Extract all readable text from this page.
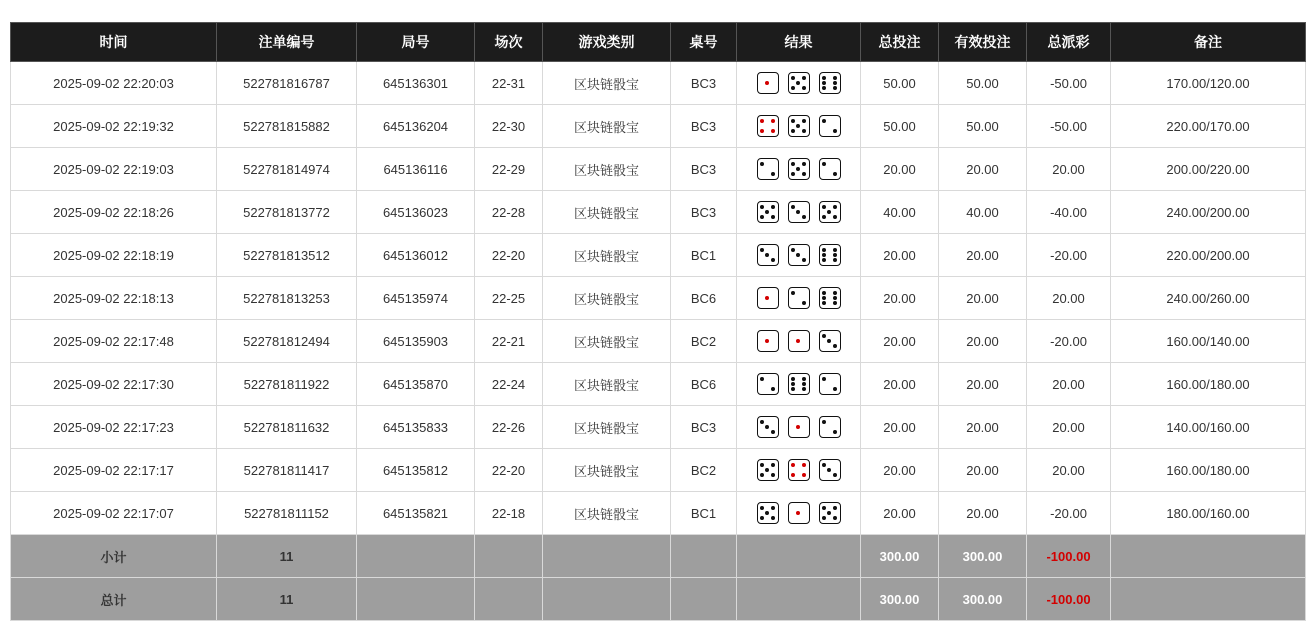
时间	注单编号	局号	场次	游戏类别	桌号	结果	总投注	有效投注	总派彩	备注
2025-09-02 22:20:03	522781816787	645136301	22-31	区块链骰宝	BC3		50.00	50.00	-50.00	170.00/120.00
2025-09-02 22:19:32	522781815882	645136204	22-30	区块链骰宝	BC3		50.00	50.00	-50.00	220.00/170.00
2025-09-02 22:19:03	522781814974	645136116	22-29	区块链骰宝	BC3		20.00	20.00	20.00	200.00/220.00
2025-09-02 22:18:26	522781813772	645136023	22-28	区块链骰宝	BC3		40.00	40.00	-40.00	240.00/200.00
2025-09-02 22:18:19	522781813512	645136012	22-20	区块链骰宝	BC1		20.00	20.00	-20.00	220.00/200.00
2025-09-02 22:18:13	522781813253	645135974	22-25	区块链骰宝	BC6		20.00	20.00	20.00	240.00/260.00
2025-09-02 22:17:48	522781812494	645135903	22-21	区块链骰宝	BC2		20.00	20.00	-20.00	160.00/140.00
2025-09-02 22:17:30	522781811922	645135870	22-24	区块链骰宝	BC6		20.00	20.00	20.00	160.00/180.00
2025-09-02 22:17:23	522781811632	645135833	22-26	区块链骰宝	BC3		20.00	20.00	20.00	140.00/160.00
2025-09-02 22:17:17	522781811417	645135812	22-20	区块链骰宝	BC2		20.00	20.00	20.00	160.00/180.00
2025-09-02 22:17:07	522781811152	645135821	22-18	区块链骰宝	BC1		20.00	20.00	-20.00	180.00/160.00
小计	11						300.00	300.00	-100.00	
总计	11						300.00	300.00	-100.00	
